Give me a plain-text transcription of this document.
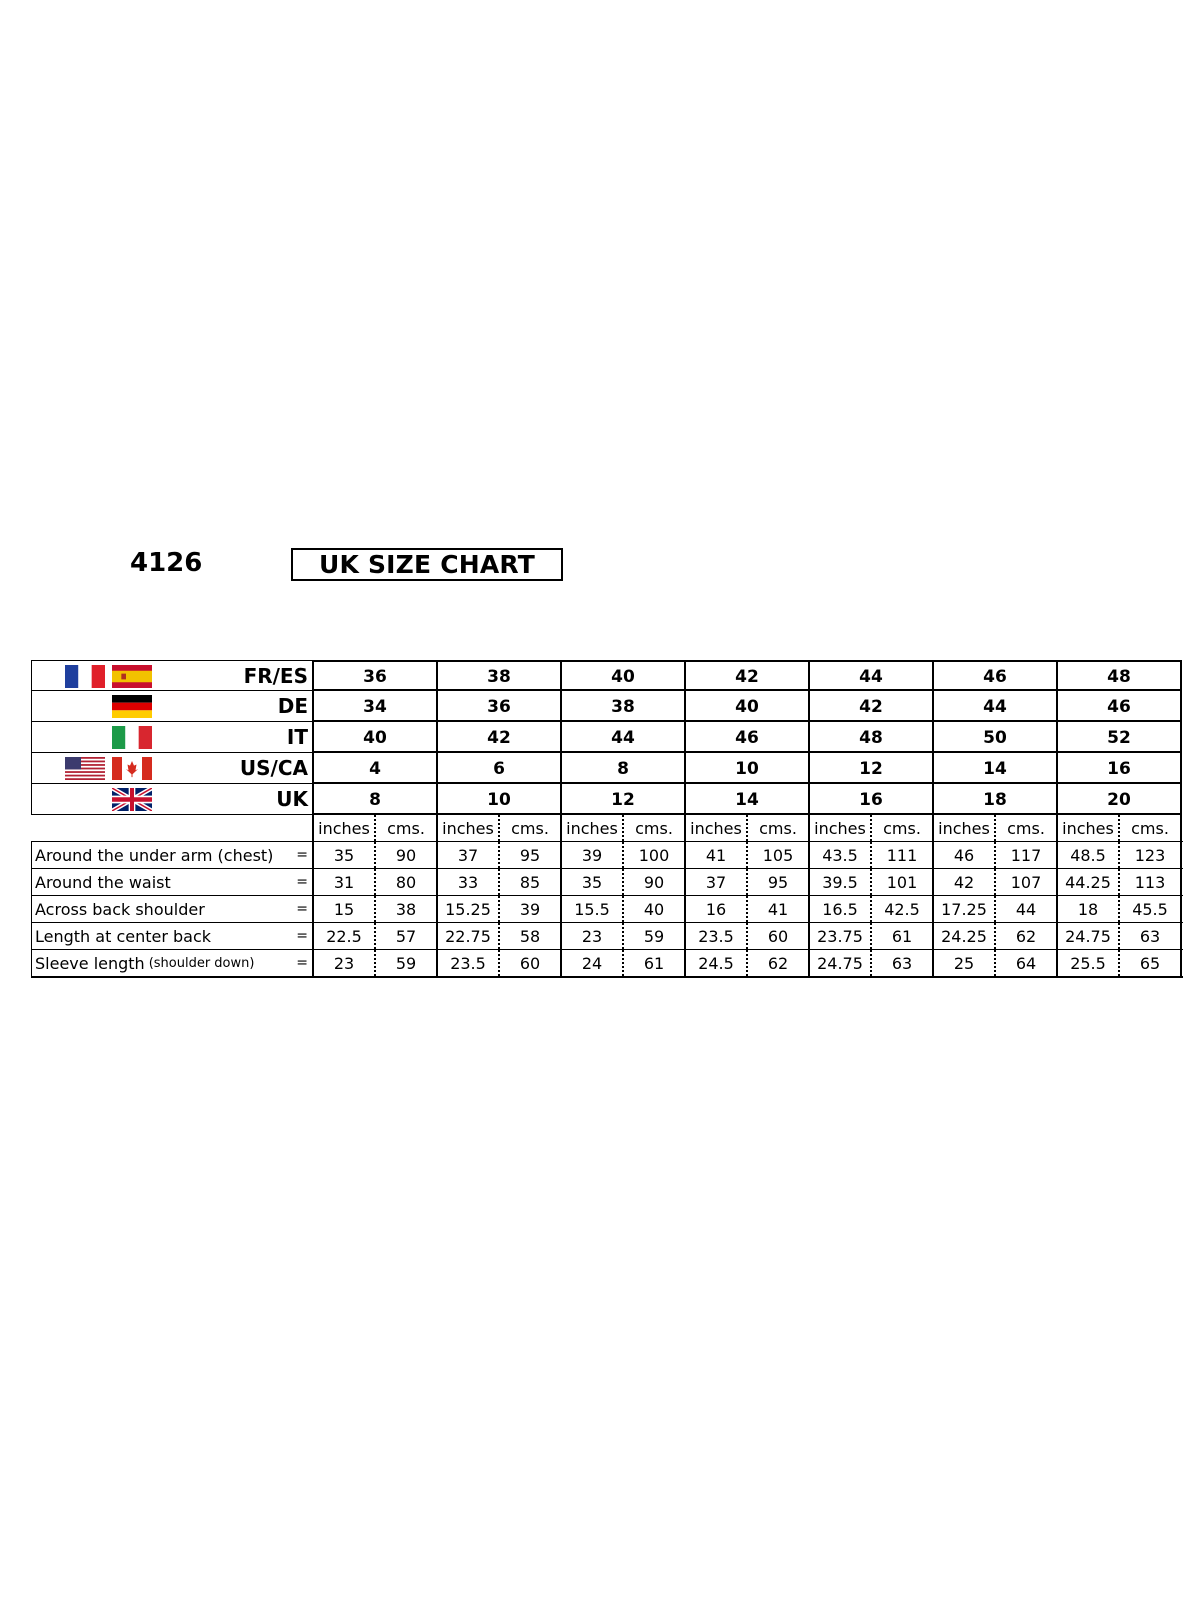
4126	UK SIZE CHART
FR/ES	36	38	40	42	44	46	48
DE	34	36	38	40	42	44	46
IT	40	42	44	46	48	50	52
US/CA	4	6	8	10	12	14	16
UK	8	10	12	14	16	18	20
inches	cms.	inches	cms.	inches	cms.	inches	cms.	inches	cms.	inches	cms.	inches	cms.
Around the under arm (chest) =	35	90	37	95	39	100	41	105	43.5	111	46	117	48.5	123
Around the waist	=	31	80	33	85	35	90	37	95	39.5	101	42	107	44.25	113
Across back shoulder	=	15	38	15.25	39	15.5	40	16	41	16.5	42.5	17.25	44	18	45.5
Length at center back	=	22.5	57	22.75	58	23	59	23.5	60	23.75	61	24.25	62	24.75	63
Sleeve length (shoulder down)	=	23	59	23.5	60	24	61	24.5	62	24.75	63	25	64	25.5	65
